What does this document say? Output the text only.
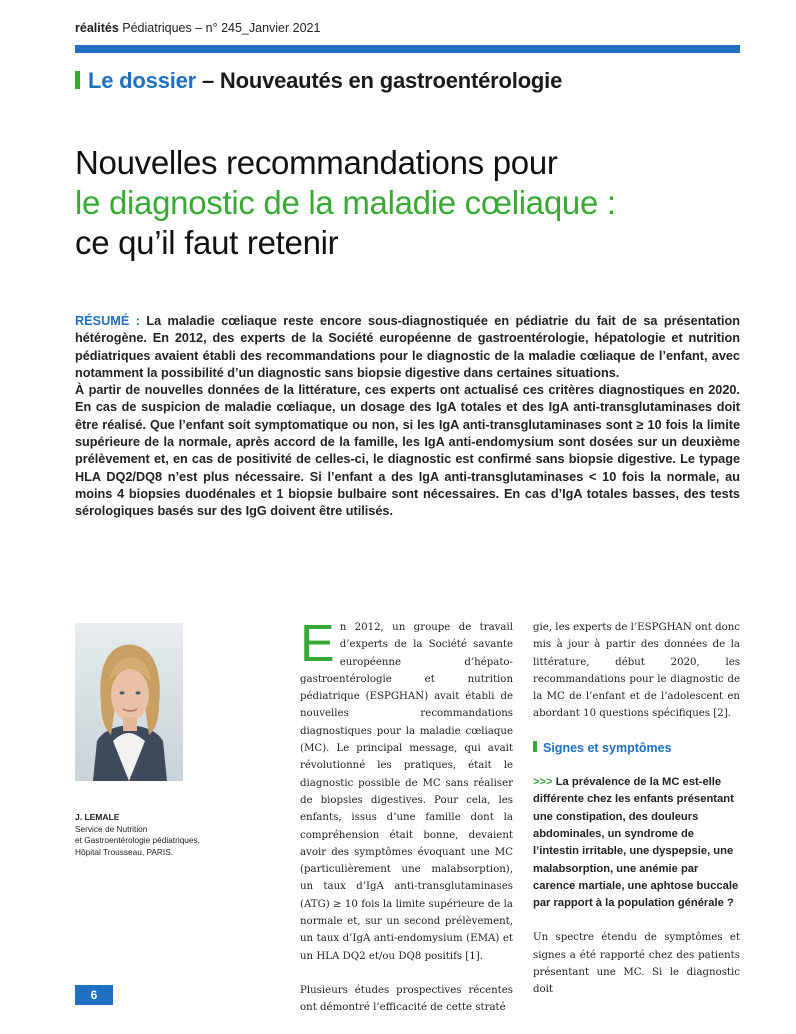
réalités Pédiatriques – n° 245_Janvier 2021
Le dossier – Nouveautés en gastroentérologie
Nouvelles recommandations pour
le diagnostic de la maladie cœliaque :
ce qu’il faut retenir

RÉSUMÉ : La maladie cœliaque reste encore sous-diagnostiquée en pédiatrie du fait de sa présentation hétérogène. En 2012, des experts de la Société européenne de gastroentérologie, hépatologie et nutrition pédiatriques avaient établi des recommandations pour le diagnostic de la maladie cœliaque de l’enfant, avec notamment la possibilité d’un diagnostic sans biopsie digestive dans certaines situations.

À partir de nouvelles données de la littérature, ces experts ont actualisé ces critères diagnostiques en 2020. En cas de suspicion de maladie cœliaque, un dosage des IgA totales et des IgA anti-transglutaminases doit être réalisé. Que l’enfant soit symptomatique ou non, si les IgA anti-transglutaminases sont ≥ 10 fois la limite supérieure de la normale, après accord de la famille, les IgA anti-endomysium sont dosées sur un deuxième prélèvement et, en cas de positivité de celles-ci, le diagnostic est confirmé sans biopsie digestive. Le typage HLA DQ2/DQ8 n’est plus nécessaire. Si l’enfant a des IgA anti-transglutaminases < 10 fois la normale, au moins 4 biopsies duodénales et 1 biopsie bulbaire sont nécessaires. En cas d’IgA totales basses, des tests sérologiques basés sur des IgG doivent être utilisés.

J. LEMALE
Service de Nutrition
et Gastroentérologie pédiatriques,
Hôpital Trousseau, PARIS.

En 2012, un groupe de travail d’experts de la Société savante européenne d’hépato-gastroentérologie et nutrition pédiatrique (ESPGHAN) avait établi de nouvelles recommandations diagnostiques pour la maladie cœliaque (MC). Le principal message, qui avait révolutionné les pratiques, était le diagnostic possible de MC sans réaliser de biopsies digestives. Pour cela, les enfants, issus d’une famille dont la compréhension était bonne, devaient avoir des symptômes évoquant une MC (particulièrement une malabsorption), un taux d’IgA anti-transglutaminases (ATG) ≥ 10 fois la limite supérieure de la normale et, sur un second prélèvement, un taux d’IgA anti-endomysium (EMA) et un HLA DQ2 et/ou DQ8 positifs [1].

Plusieurs études prospectives récentes ont démontré l’efficacité de cette straté

gie, les experts de l’ESPGHAN ont donc mis à jour à partir des données de la littérature, début 2020, les recommandations pour le diagnostic de la MC de l’enfant et de l’adolescent en abordant 10 questions spécifiques [2].

Signes et symptômes

>>> La prévalence de la MC est-elle différente chez les enfants présentant une constipation, des douleurs abdominales, un syndrome de l’intestin irritable, une dyspepsie, une malabsorption, une anémie par carence martiale, une aphtose buccale par rapport à la population générale ?

Un spectre étendu de symptômes et signes a été rapporté chez des patients présentant une MC. Si le diagnostic doit

6
